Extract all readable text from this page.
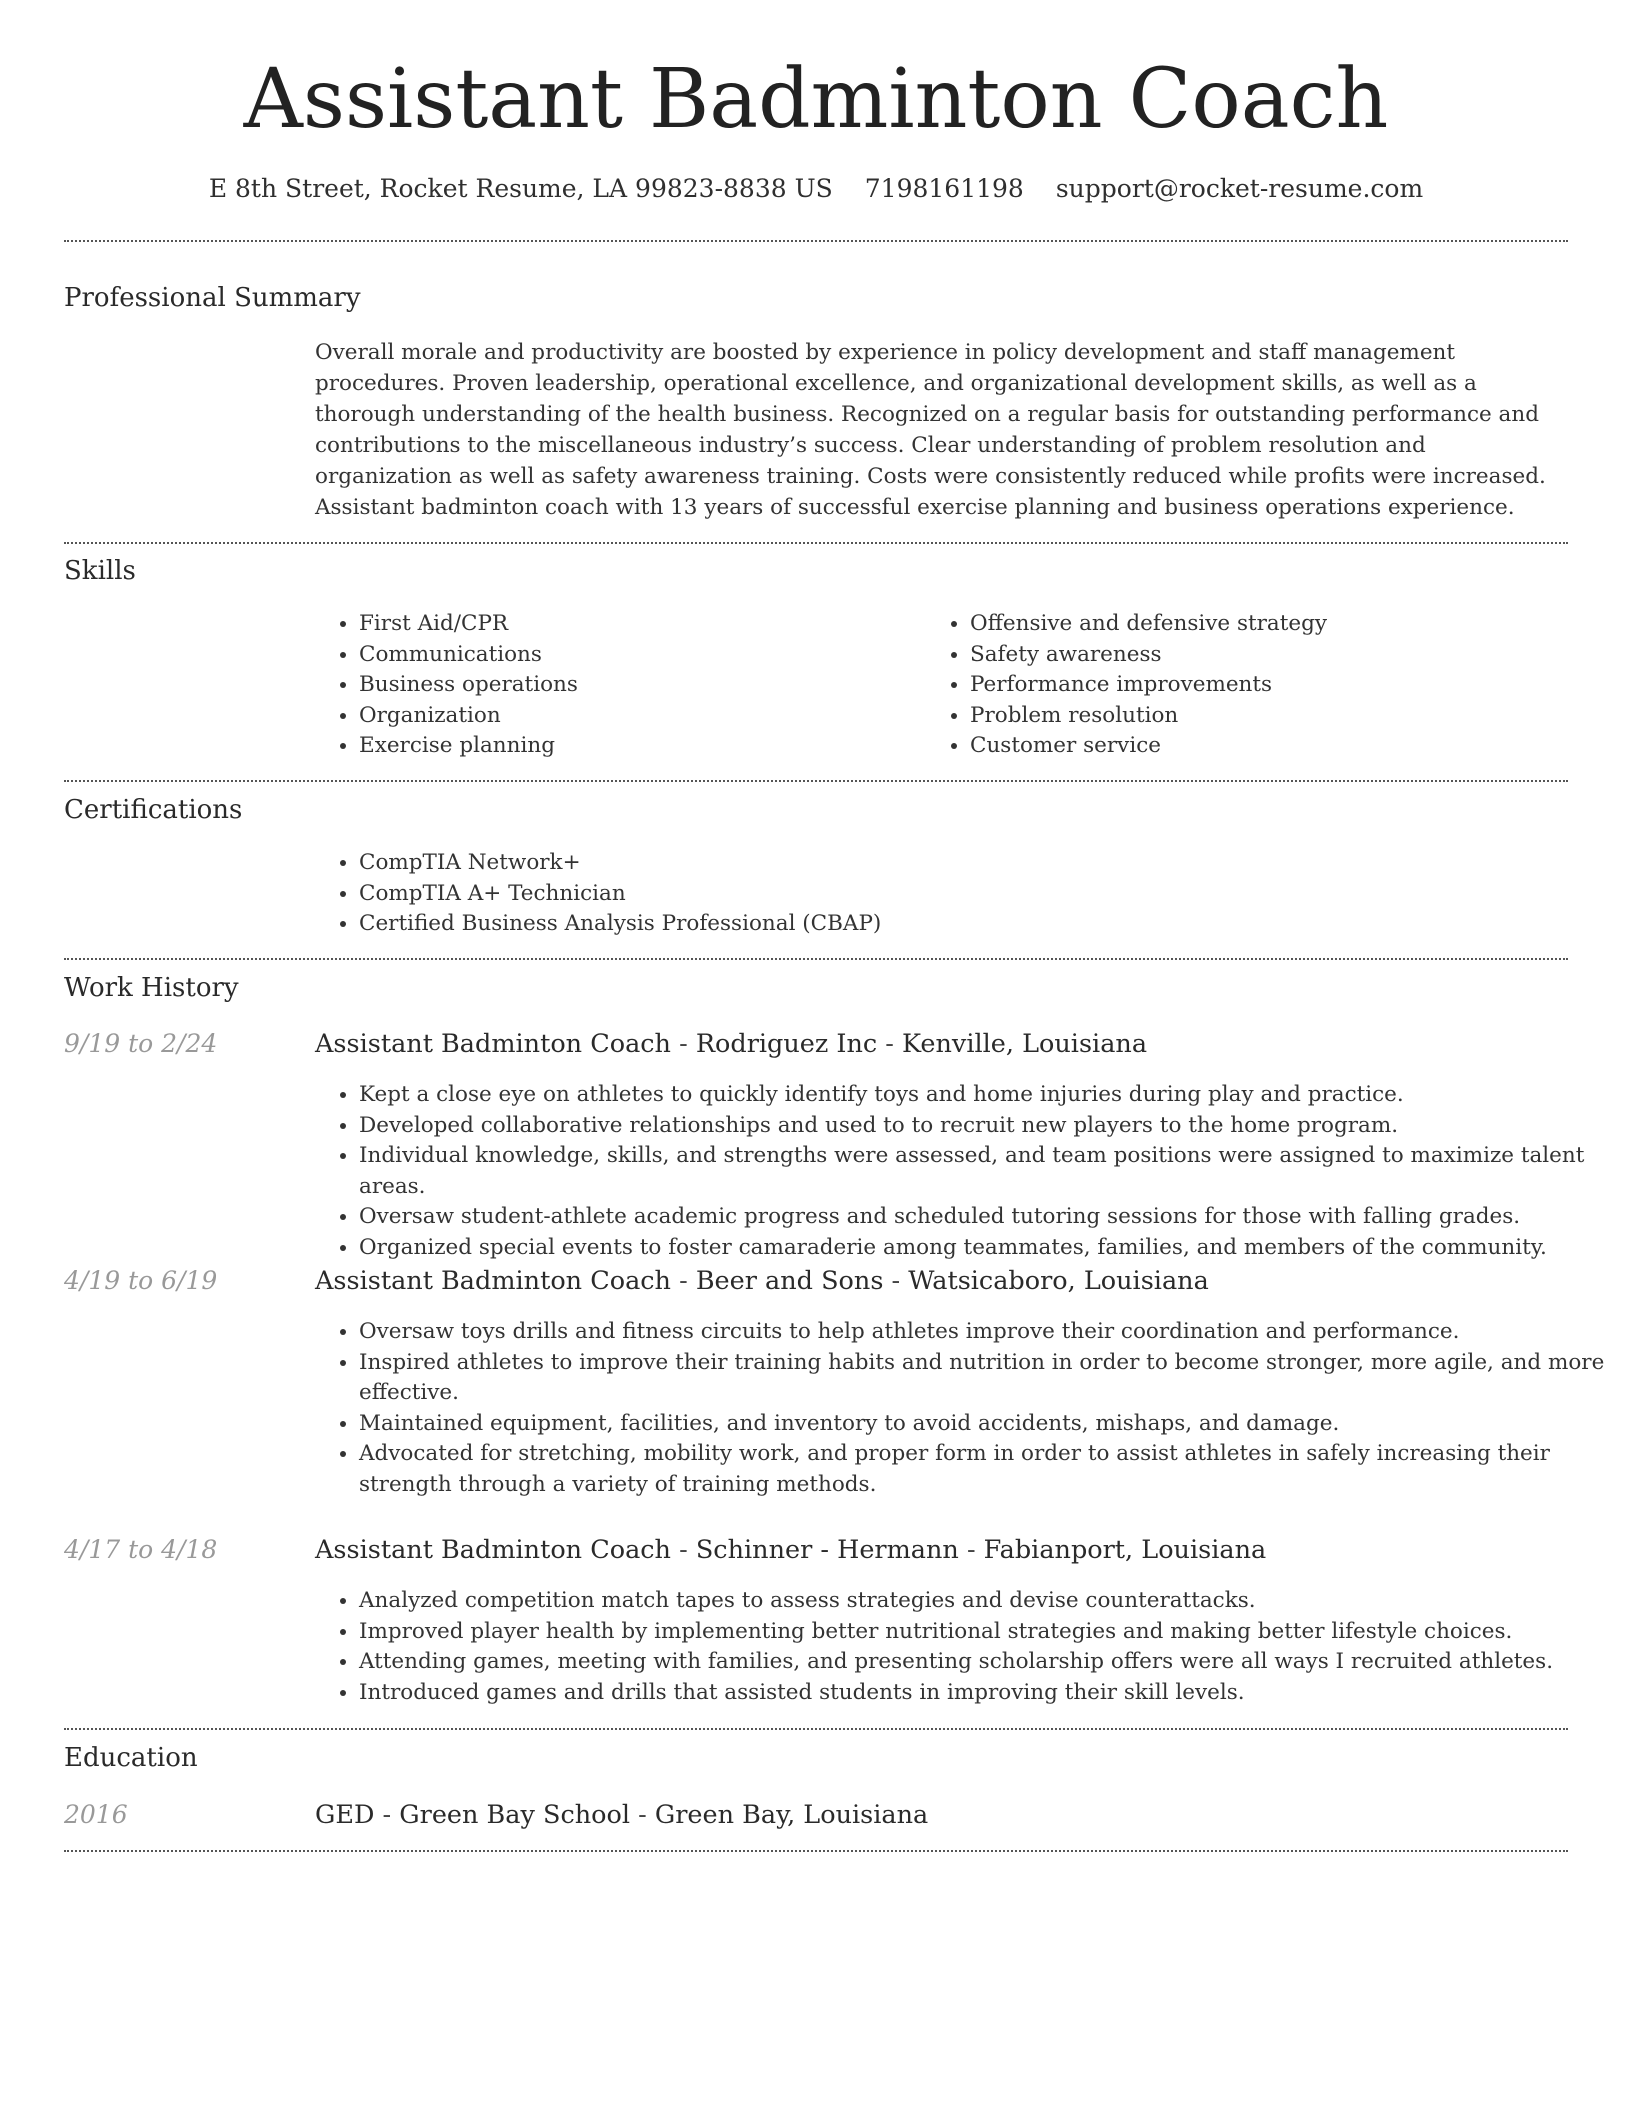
Assistant Badminton Coach
E 8th Street, Rocket Resume, LA 99823-8838 US 7198161198 support@rocket-resume.com
Professional Summary

Overall morale and productivity are boosted by experience in policy development and staff management procedures. Proven leadership, operational excellence, and organizational development skills, as well as a thorough understanding of the health business. Recognized on a regular basis for outstanding performance and contributions to the miscellaneous industry’s success. Clear understanding of problem resolution and organization as well as safety awareness training. Costs were consistently reduced while profits were increased. Assistant badminton coach with 13 years of successful exercise planning and business operations experience.

Skills
• First Aid/CPR
• Communications
• Business operations
• Organization
• Exercise planning
• Offensive and defensive strategy
• Safety awareness
• Performance improvements
• Problem resolution
• Customer service
Certifications
• CompTIA Network+
• CompTIA A+ Technician
• Certified Business Analysis Professional (CBAP)
Work History
9/19 to 2/24	Assistant Badminton Coach - Rodriguez Inc - Kenville, Louisiana
• Kept a close eye on athletes to quickly identify toys and home injuries during play and practice.
• Developed collaborative relationships and used to to recruit new players to the home program.
• Individual knowledge, skills, and strengths were assessed, and team positions were assigned to maximize talent areas.
• Oversaw student-athlete academic progress and scheduled tutoring sessions for those with falling grades.
• Organized special events to foster camaraderie among teammates, families, and members of the community.
4/19 to 6/19	Assistant Badminton Coach - Beer and Sons - Watsicaboro, Louisiana
• Oversaw toys drills and fitness circuits to help athletes improve their coordination and performance.
• Inspired athletes to improve their training habits and nutrition in order to become stronger, more agile, and more effective.
• Maintained equipment, facilities, and inventory to avoid accidents, mishaps, and damage.
• Advocated for stretching, mobility work, and proper form in order to assist athletes in safely increasing their strength through a variety of training methods.
4/17 to 4/18	Assistant Badminton Coach - Schinner - Hermann - Fabianport, Louisiana
• Analyzed competition match tapes to assess strategies and devise counterattacks.
• Improved player health by implementing better nutritional strategies and making better lifestyle choices.
• Attending games, meeting with families, and presenting scholarship offers were all ways I recruited athletes.
• Introduced games and drills that assisted students in improving their skill levels.
Education
2016	GED - Green Bay School - Green Bay, Louisiana
